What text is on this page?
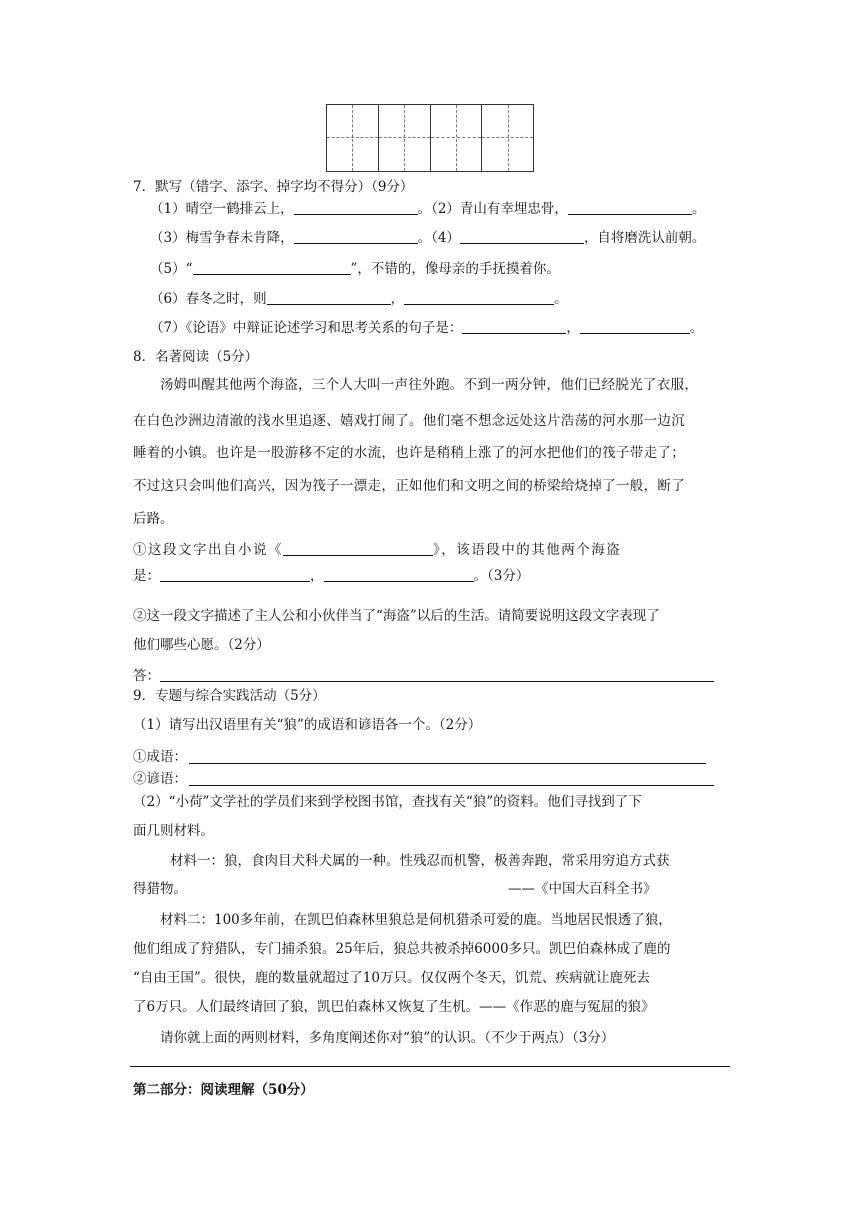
7．默写（错字、添字、掉字均不得分）（9分）
（1）晴空一鹤排云上，	。（2）青山有幸埋忠骨，	。
（3）梅雪争春未肯降，	。（4）	，自将磨洗认前朝。
（5）“	”，不错的，像母亲的手抚摸着你。
（6）春冬之时，则	，	。
（7）《论语》中辩证论述学习和思考关系的句子是：	，	。
8．名著阅读（5分）
汤姆叫醒其他两个海盗，三个人大叫一声往外跑。不到一两分钟，他们已经脱光了衣服，
在白色沙洲边清澈的浅水里追逐、嬉戏打闹了。他们毫不想念远处这片浩荡的河水那一边沉
睡着的小镇。也许是一股游移不定的水流，也许是稍稍上涨了的河水把他们的筏子带走了；
不过这只会叫他们高兴，因为筏子一漂走，正如他们和文明之间的桥梁给烧掉了一般，断了
后路。
①这段文字出自小说《	》，该语段中的其他两个海盗
是：	，	。（3分）
②这一段文字描述了主人公和小伙伴当了“海盗”以后的生活。请简要说明这段文字表现了
他们哪些心愿。（2分）
答：
9．专题与综合实践活动（5分）
（1）请写出汉语里有关“狼”的成语和谚语各一个。（2分）
①成语：
②谚语：
（2）“小荷”文学社的学员们来到学校图书馆，查找有关“狼”的资料。他们寻找到了下
面几则材料。
材料一：狼，食肉目犬科犬属的一种。性残忍而机警，极善奔跑，常采用穷追方式获
得猎物。	——《中国大百科全书》
材料二：100多年前，在凯巴伯森林里狼总是伺机猎杀可爱的鹿。当地居民恨透了狼，
他们组成了狩猎队，专门捕杀狼。25年后，狼总共被杀掉6000多只。凯巴伯森林成了鹿的
“自由王国”。很快，鹿的数量就超过了10万只。仅仅两个冬天，饥荒、疾病就让鹿死去
了6万只。人们最终请回了狼，凯巴伯森林又恢复了生机。——《作恶的鹿与冤屈的狼》
请你就上面的两则材料，多角度阐述你对“狼”的认识。（不少于两点）（3分）
第二部分：阅读理解（50分）
